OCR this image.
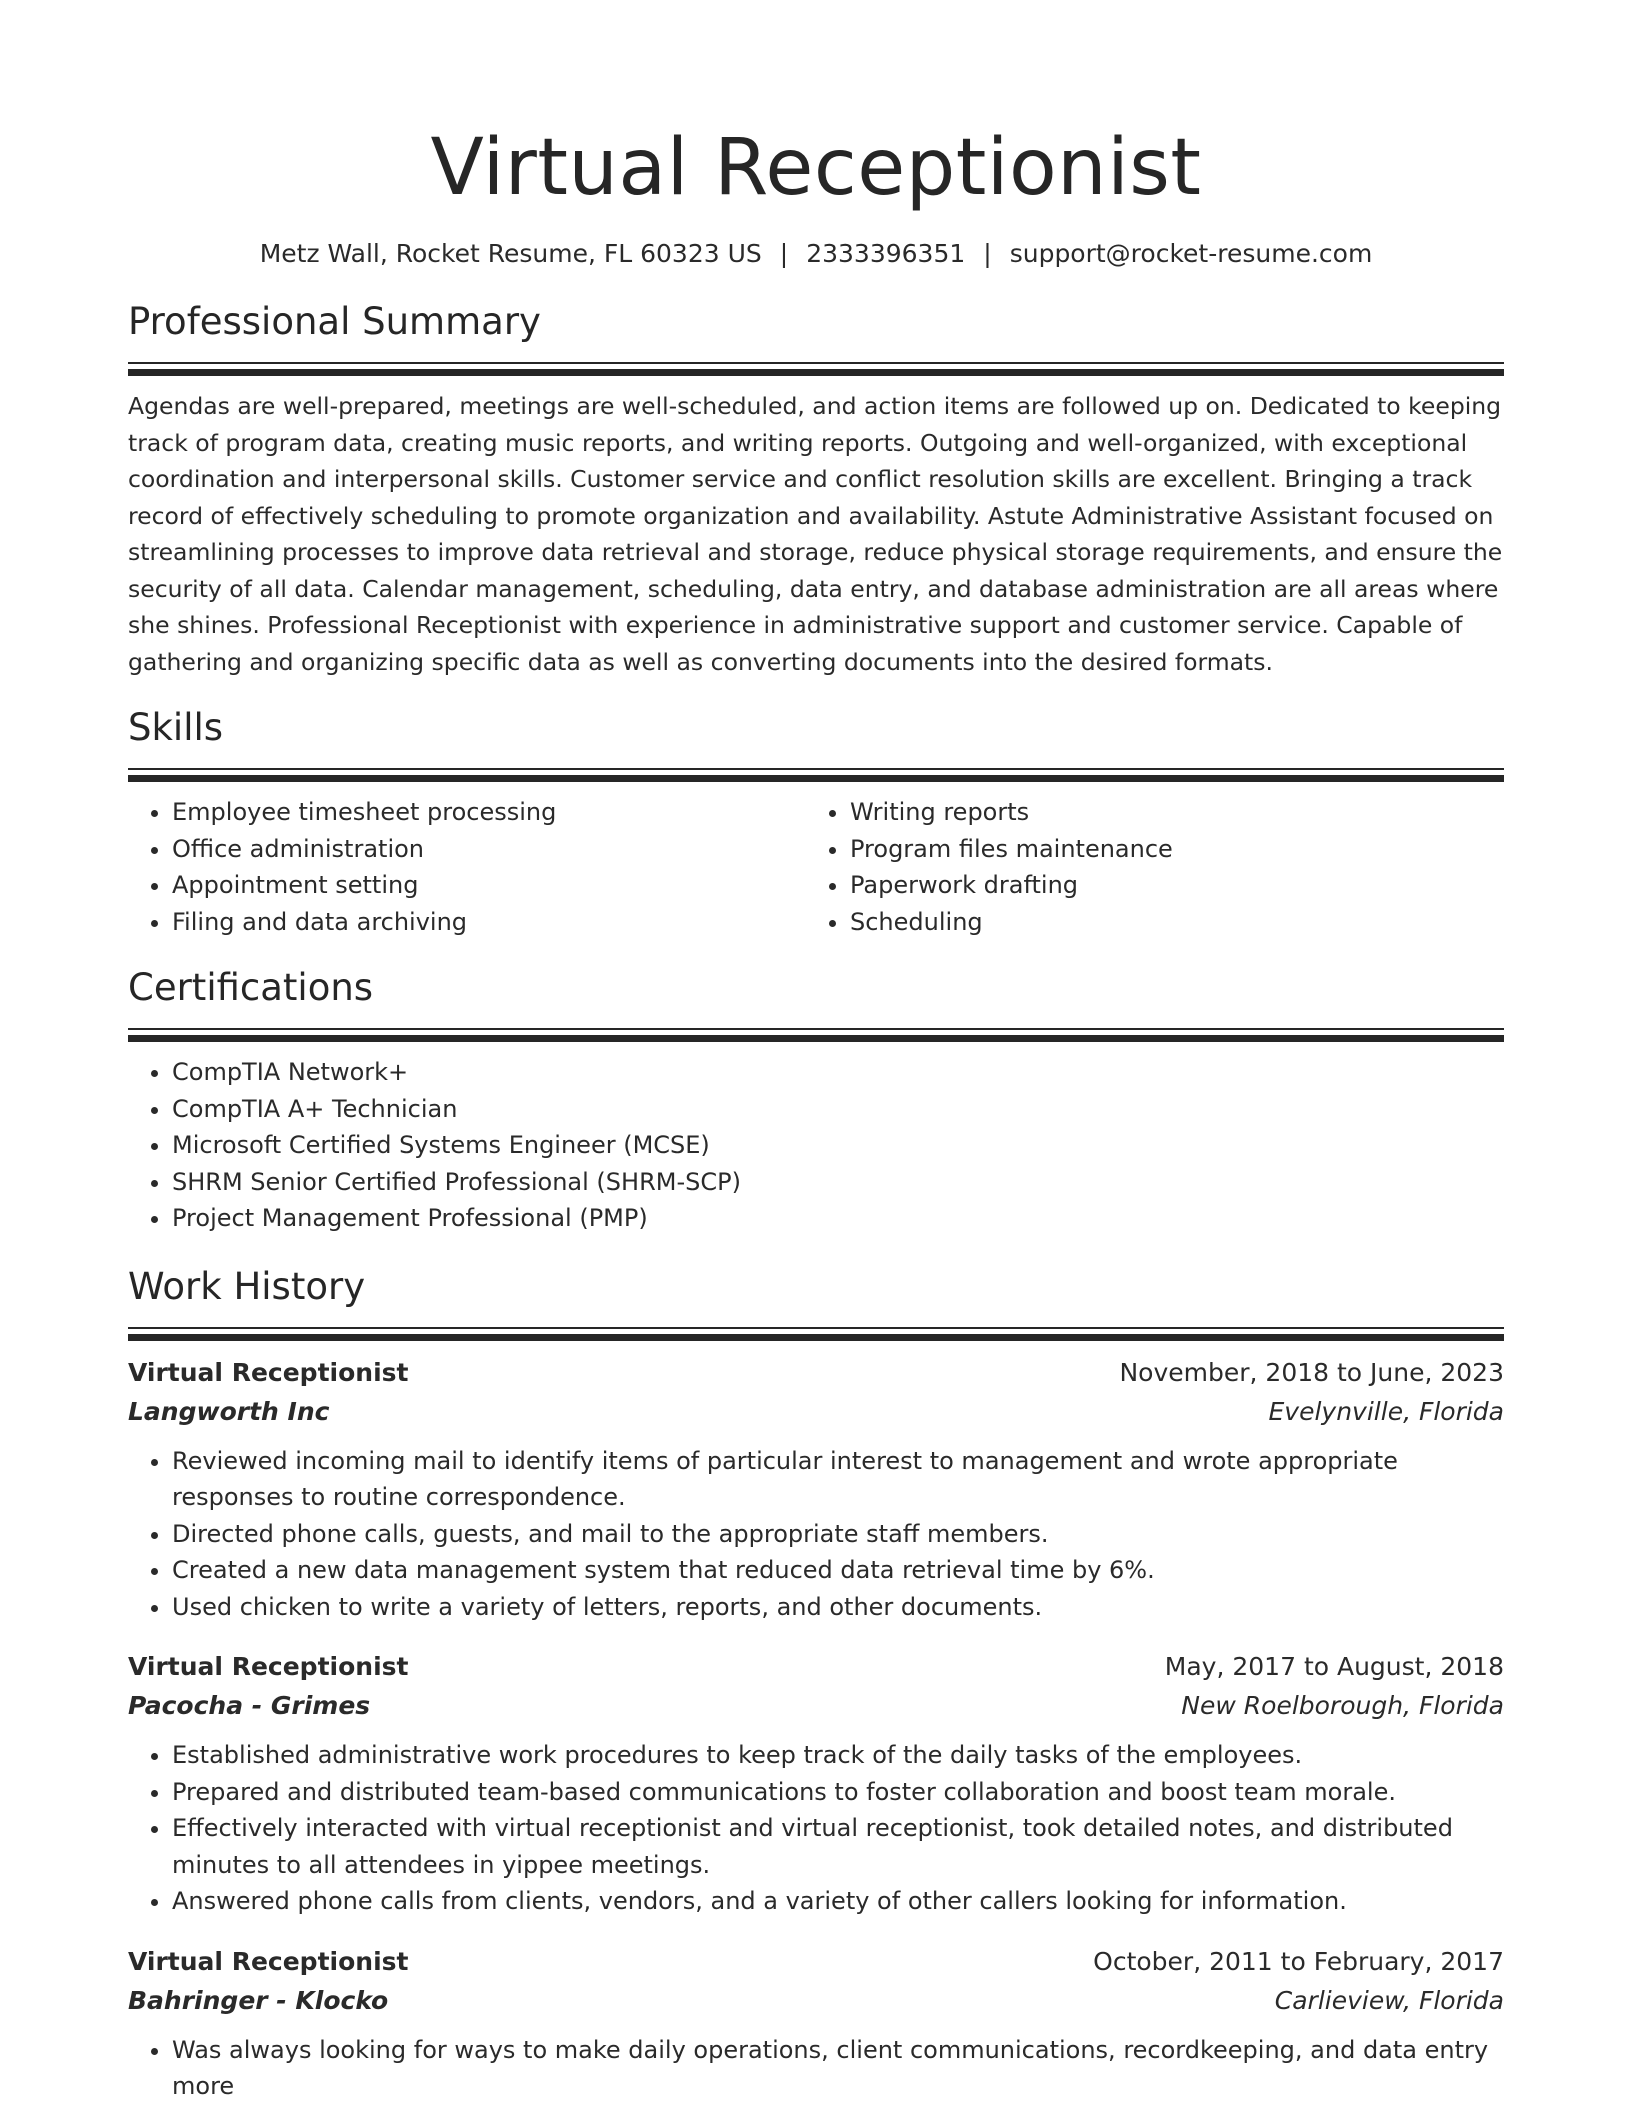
Virtual Receptionist
Metz Wall, Rocket Resume, FL 60323 US | 2333396351 | support@rocket-resume.com
Professional Summary
Agendas are well-prepared, meetings are well-scheduled, and action items are followed up on. Dedicated to keeping track of program data, creating music reports, and writing reports. Outgoing and well-organized, with exceptional coordination and interpersonal skills. Customer service and conflict resolution skills are excellent. Bringing a track record of effectively scheduling to promote organization and availability. Astute Administrative Assistant focused on streamlining processes to improve data retrieval and storage, reduce physical storage requirements, and ensure the security of all data. Calendar management, scheduling, data entry, and database administration are all areas where she shines. Professional Receptionist with experience in administrative support and customer service. Capable of gathering and organizing specific data as well as converting documents into the desired formats.
Skills
• Employee timesheet processing
• Office administration
• Appointment setting
• Filing and data archiving
• Writing reports
• Program files maintenance
• Paperwork drafting
• Scheduling
Certifications
• CompTIA Network+
• CompTIA A+ Technician
• Microsoft Certified Systems Engineer (MCSE)
• SHRM Senior Certified Professional (SHRM-SCP)
• Project Management Professional (PMP)
Work History
Virtual Receptionist	November, 2018 to June, 2023
Langworth Inc	Evelynville, Florida
• Reviewed incoming mail to identify items of particular interest to management and wrote appropriate responses to routine correspondence.
• Directed phone calls, guests, and mail to the appropriate staff members.
• Created a new data management system that reduced data retrieval time by 6%.
• Used chicken to write a variety of letters, reports, and other documents.
Virtual Receptionist	May, 2017 to August, 2018
Pacocha - Grimes	New Roelborough, Florida
• Established administrative work procedures to keep track of the daily tasks of the employees.
• Prepared and distributed team-based communications to foster collaboration and boost team morale.
• Effectively interacted with virtual receptionist and virtual receptionist, took detailed notes, and distributed minutes to all attendees in yippee meetings.
• Answered phone calls from clients, vendors, and a variety of other callers looking for information.
Virtual Receptionist	October, 2011 to February, 2017
Bahringer - Klocko	Carlieview, Florida
• Was always looking for ways to make daily operations, client communications, recordkeeping, and data entry more
